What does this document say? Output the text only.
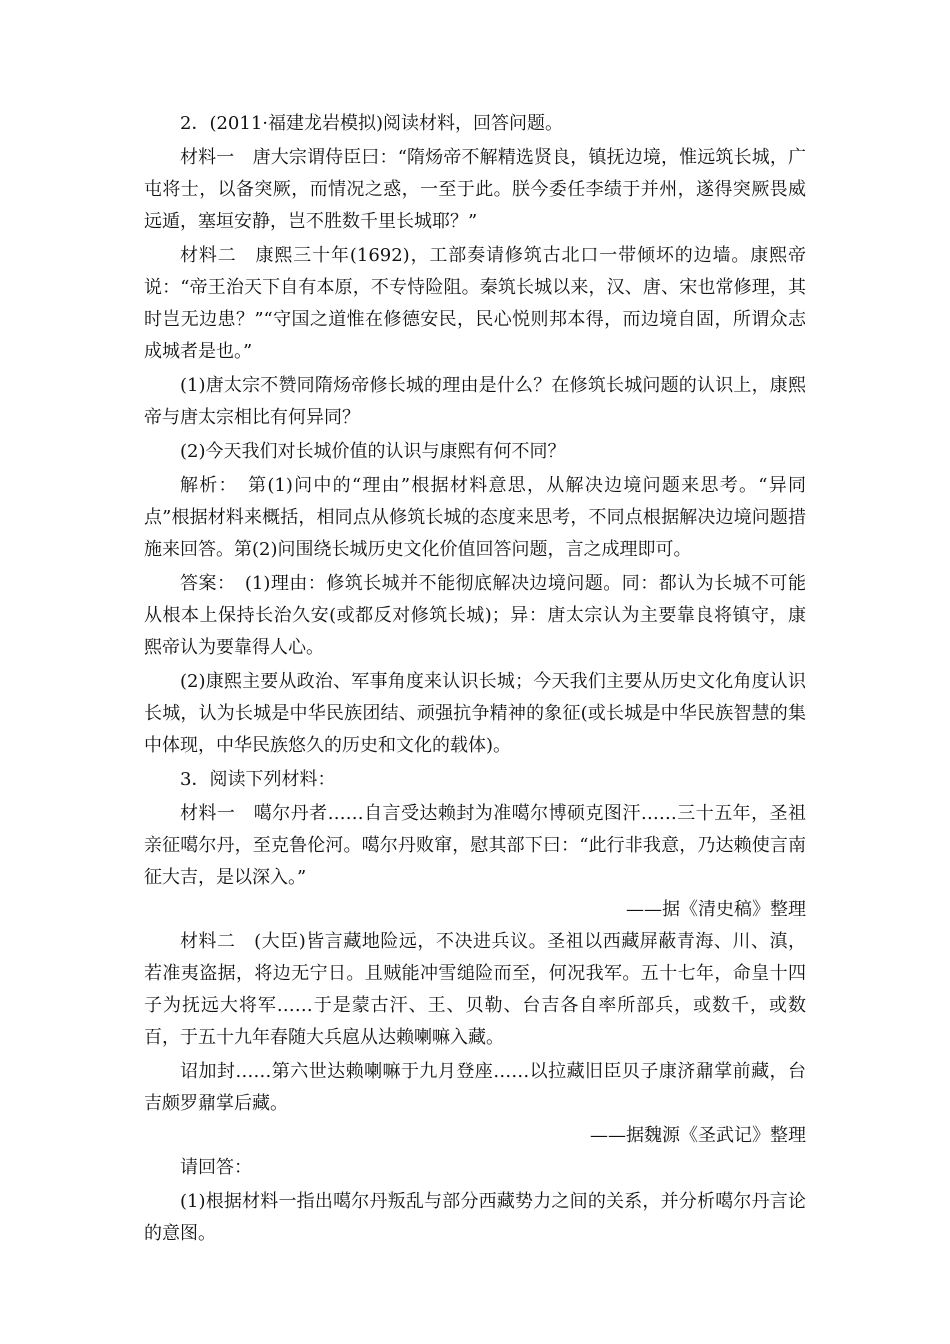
2．(2011·福建龙岩模拟)阅读材料，回答问题。

材料一　唐大宗谓侍臣曰：“隋炀帝不解精选贤良，镇抚边境，惟远筑长城，广屯将士，以备突厥，而情况之惑，一至于此。朕今委任李绩于并州，遂得突厥畏威远遁，塞垣安静，岂不胜数千里长城耶？”

材料二　康熙三十年(1692)，工部奏请修筑古北口一带倾坏的边墙。康熙帝说：“帝王治天下自有本原，不专恃险阻。秦筑长城以来，汉、唐、宋也常修理，其时岂无边患？”“守国之道惟在修德安民，民心悦则邦本得，而边境自固，所谓众志成城者是也。”

(1)唐太宗不赞同隋炀帝修长城的理由是什么？在修筑长城问题的认识上，康熙帝与唐太宗相比有何异同？

(2)今天我们对长城价值的认识与康熙有何不同？

解析：　第(1)问中的“理由”根据材料意思，从解决边境问题来思考。“异同点”根据材料来概括，相同点从修筑长城的态度来思考，不同点根据解决边境问题措施来回答。第(2)问围绕长城历史文化价值回答问题，言之成理即可。

答案：　(1)理由：修筑长城并不能彻底解决边境问题。同：都认为长城不可能从根本上保持长治久安(或都反对修筑长城)；异：唐太宗认为主要靠良将镇守，康熙帝认为要靠得人心。

(2)康熙主要从政治、军事角度来认识长城；今天我们主要从历史文化角度认识长城，认为长城是中华民族团结、顽强抗争精神的象征(或长城是中华民族智慧的集中体现，中华民族悠久的历史和文化的载体)。

3．阅读下列材料：

材料一　噶尔丹者……自言受达赖封为准噶尔博硕克图汗……三十五年，圣祖亲征噶尔丹，至克鲁伦河。噶尔丹败窜，慰其部下曰：“此行非我意，乃达赖使言南征大吉，是以深入。”

——据《清史稿》整理

材料二　(大臣)皆言藏地险远，不决进兵议。圣祖以西藏屏蔽青海、川、滇，若准夷盗据，将边无宁日。且贼能冲雪缒险而至，何况我军。五十七年，命皇十四子为抚远大将军……于是蒙古汗、王、贝勒、台吉各自率所部兵，或数千，或数百，于五十九年春随大兵扈从达赖喇嘛入藏。

诏加封……第六世达赖喇嘛于九月登座……以拉藏旧臣贝子康济鼐掌前藏，台吉颇罗鼐掌后藏。

——据魏源《圣武记》整理

请回答：

(1)根据材料一指出噶尔丹叛乱与部分西藏势力之间的关系，并分析噶尔丹言论的意图。
